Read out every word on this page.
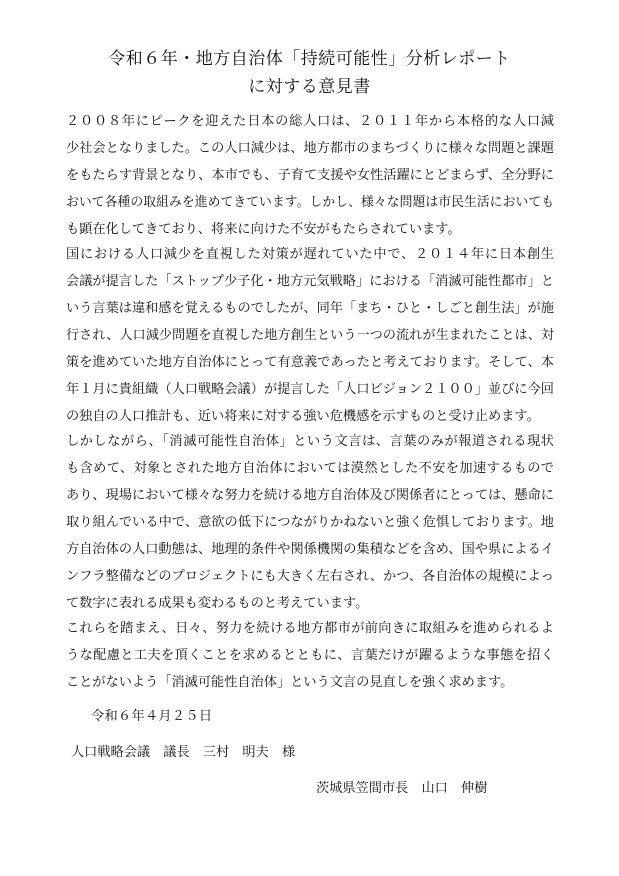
令和６年・地方自治体「持続可能性」分析レポート
に対する意見書
２００８年にピークを迎えた日本の総人口は、２０１１年から本格的な人口減
少社会となりました。この人口減少は、地方都市のまちづくりに様々な問題と課題
をもたらす背景となり、本市でも、子育て支援や女性活躍にとどまらず、全分野に
おいて各種の取組みを進めてきています。しかし、様々な問題は市民生活においても
も顕在化してきており、将来に向けた不安がもたらされています。
国における人口減少を直視した対策が遅れていた中で、２０１４年に日本創生
会議が提言した「ストップ少子化・地方元気戦略」における「消滅可能性都市」と
いう言葉は違和感を覚えるものでしたが、同年「まち・ひと・しごと創生法」が施
行され、人口減少問題を直視した地方創生という一つの流れが生まれたことは、対
策を進めていた地方自治体にとって有意義であったと考えております。そして、本
年１月に貴組織（人口戦略会議）が提言した「人口ビジョン２１００」並びに今回
の独自の人口推計も、近い将来に対する強い危機感を示すものと受け止めます。
しかしながら、「消滅可能性自治体」という文言は、言葉のみが報道される現状
も含めて、対象とされた地方自治体においては漠然とした不安を加速するもので
あり、現場において様々な努力を続ける地方自治体及び関係者にとっては、懸命に
取り組んでいる中で、意欲の低下につながりかねないと強く危惧しております。地
方自治体の人口動態は、地理的条件や関係機関の集積などを含め、国や県によるイ
ンフラ整備などのプロジェクトにも大きく左右され、かつ、各自治体の規模によっ
て数字に表れる成果も変わるものと考えています。
これらを踏まえ、日々、努力を続ける地方都市が前向きに取組みを進められるよ
うな配慮と工夫を頂くことを求めるとともに、言葉だけが躍るような事態を招く
ことがないよう「消滅可能性自治体」という文言の見直しを強く求めます。
令和６年４月２５日
人口戦略会議　議長　三村　明夫　様
茨城県笠間市長　山口　伸樹
